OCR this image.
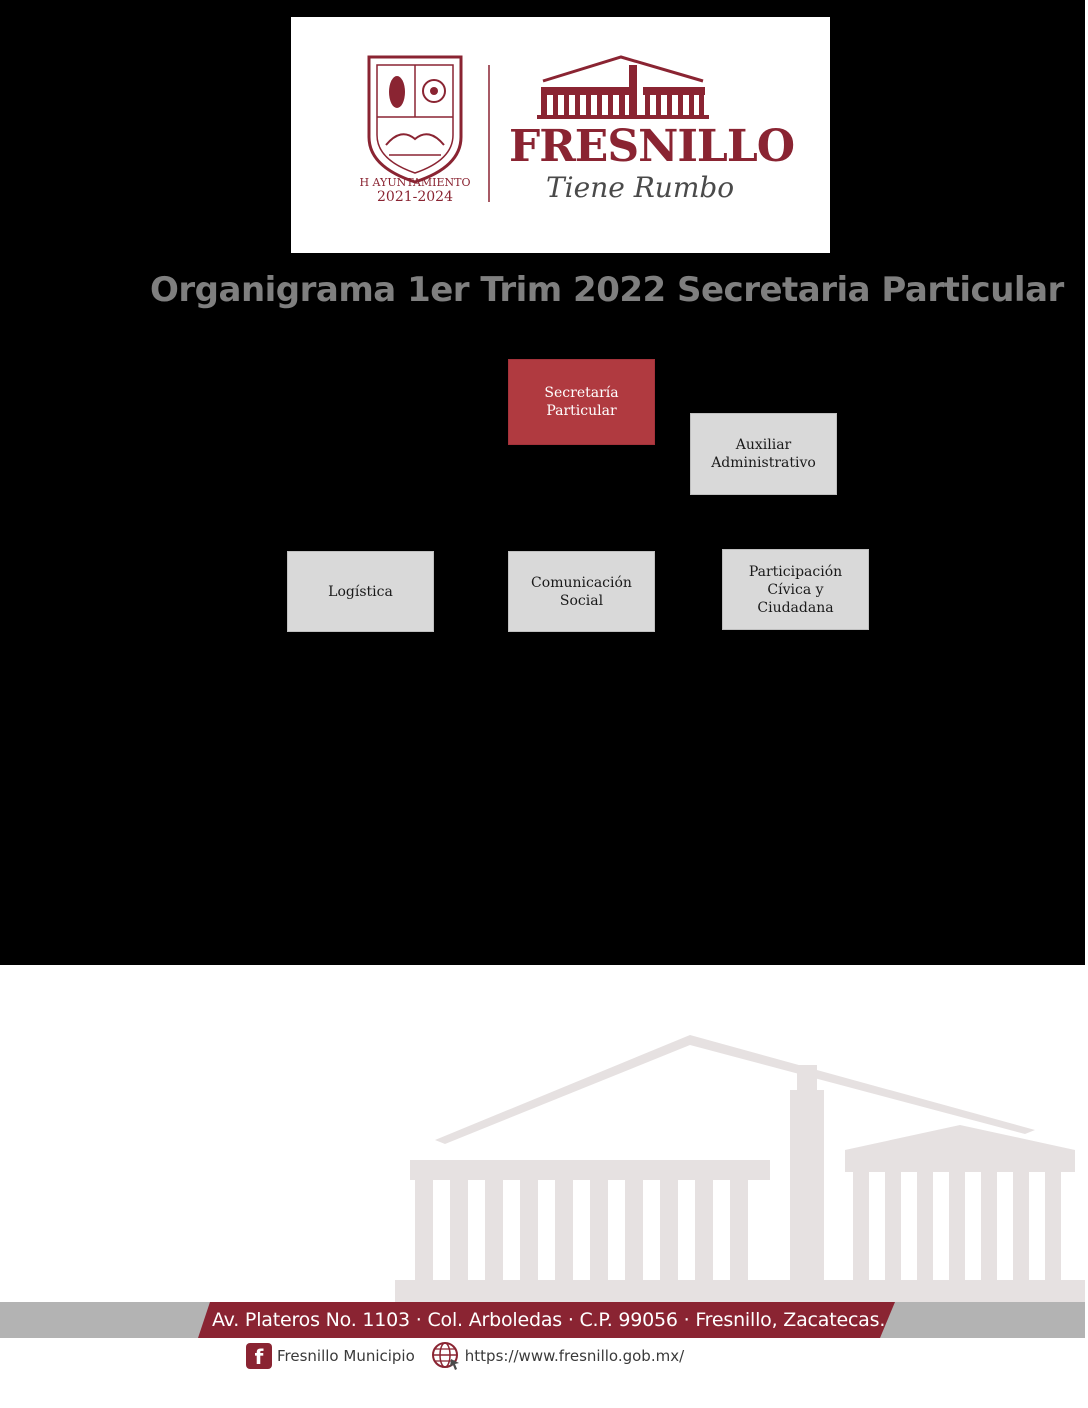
H AYUNTAMIENTO
2021-2024
FRESNILLO
Tiene Rumbo
Organigrama 1er Trim 2022 Secretaria Particular
Secretaría
Particular
Auxiliar
Administrativo
Logística
Comunicación
Social
Participación
Cívica y
Ciudadana
Av. Plateros No. 1103 · Col. Arboledas · C.P. 99056 · Fresnillo, Zacatecas.
f Fresnillo Municipio	https://www.fresnillo.gob.mx/
